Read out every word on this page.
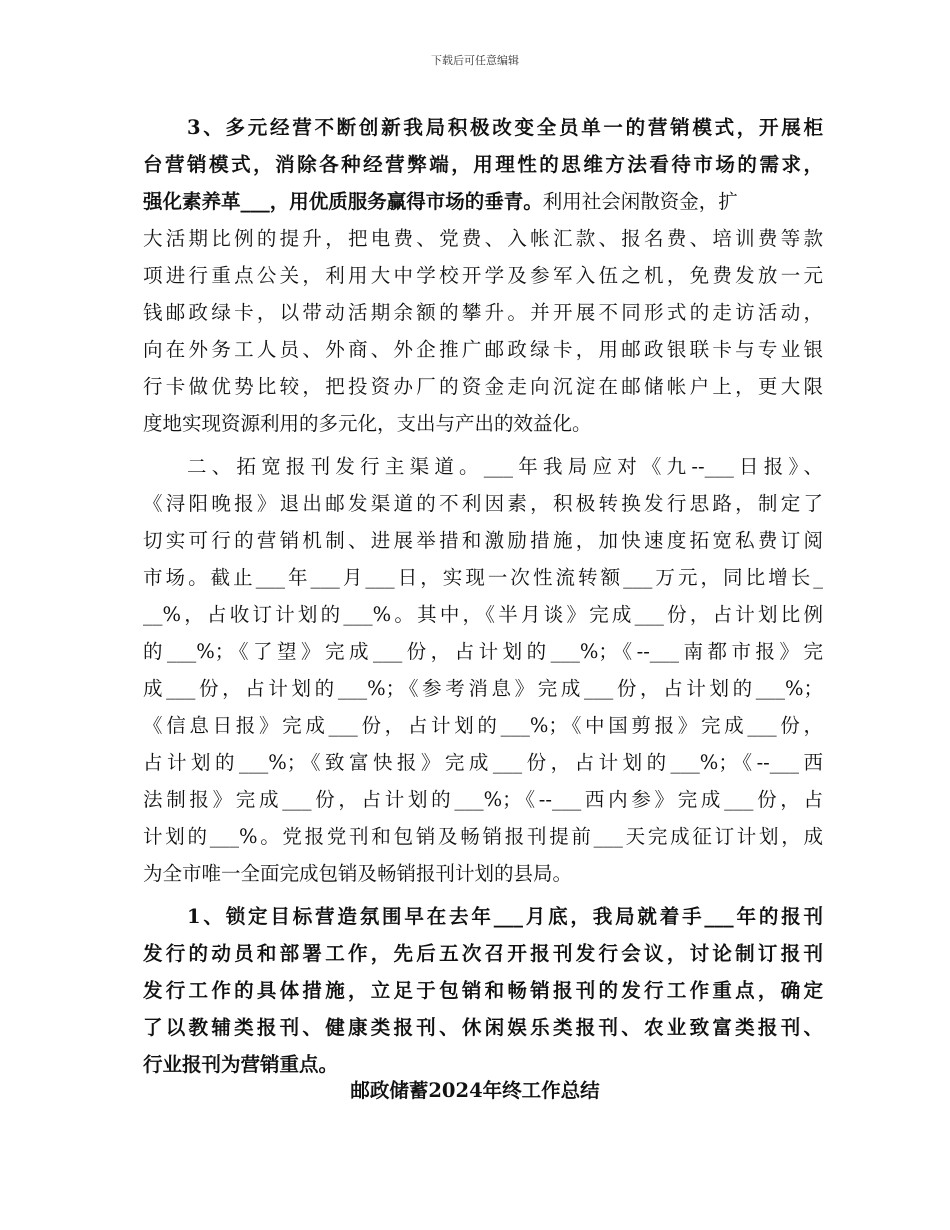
下载后可任意编辑
3、多元经营不断创新我局积极改变全员单一的营销模式，开展柜
台营销模式，消除各种经营弊端，用理性的思维方法看待市场的需求，
强化素养革___，用优质服务赢得市场的垂青。利用社会闲散资金，扩
大活期比例的提升，把电费、党费、入帐汇款、报名费、培训费等款
项进行重点公关，利用大中学校开学及参军入伍之机，免费发放一元
钱邮政绿卡，以带动活期余额的攀升。并开展不同形式的走访活动，
向在外务工人员、外商、外企推广邮政绿卡，用邮政银联卡与专业银
行卡做优势比较，把投资办厂的资金走向沉淀在邮储帐户上，更大限
度地实现资源利用的多元化，支出与产出的效益化。
二、拓宽报刊发行主渠道。___年我局应对《九--___日报》、
《浔阳晚报》退出邮发渠道的不利因素，积极转换发行思路，制定了
切实可行的营销机制、进展举措和激励措施，加快速度拓宽私费订阅
市场。截止___年___月___日，实现一次性流转额___万元，同比增长_
__%，占收订计划的___%。其中，《半月谈》完成___份，占计划比例
的___%；《了望》完成___份，占计划的___%；《--___南都市报》完
成___份，占计划的___%；《参考消息》完成___份，占计划的___%；
《信息日报》完成___份，占计划的___%；《中国剪报》完成___份，
占计划的___%；《致富快报》完成___份，占计划的___%；《--___西
法制报》完成___份，占计划的___%；《--___西内参》完成___份，占
计划的___%。党报党刊和包销及畅销报刊提前___天完成征订计划，成
为全市唯一全面完成包销及畅销报刊计划的县局。
1、锁定目标营造氛围早在去年___月底，我局就着手___年的报刊
发行的动员和部署工作，先后五次召开报刊发行会议，讨论制订报刊
发行工作的具体措施，立足于包销和畅销报刊的发行工作重点，确定
了以教辅类报刊、健康类报刊、休闲娱乐类报刊、农业致富类报刊、
行业报刊为营销重点。
邮政储蓄2024年终工作总结
